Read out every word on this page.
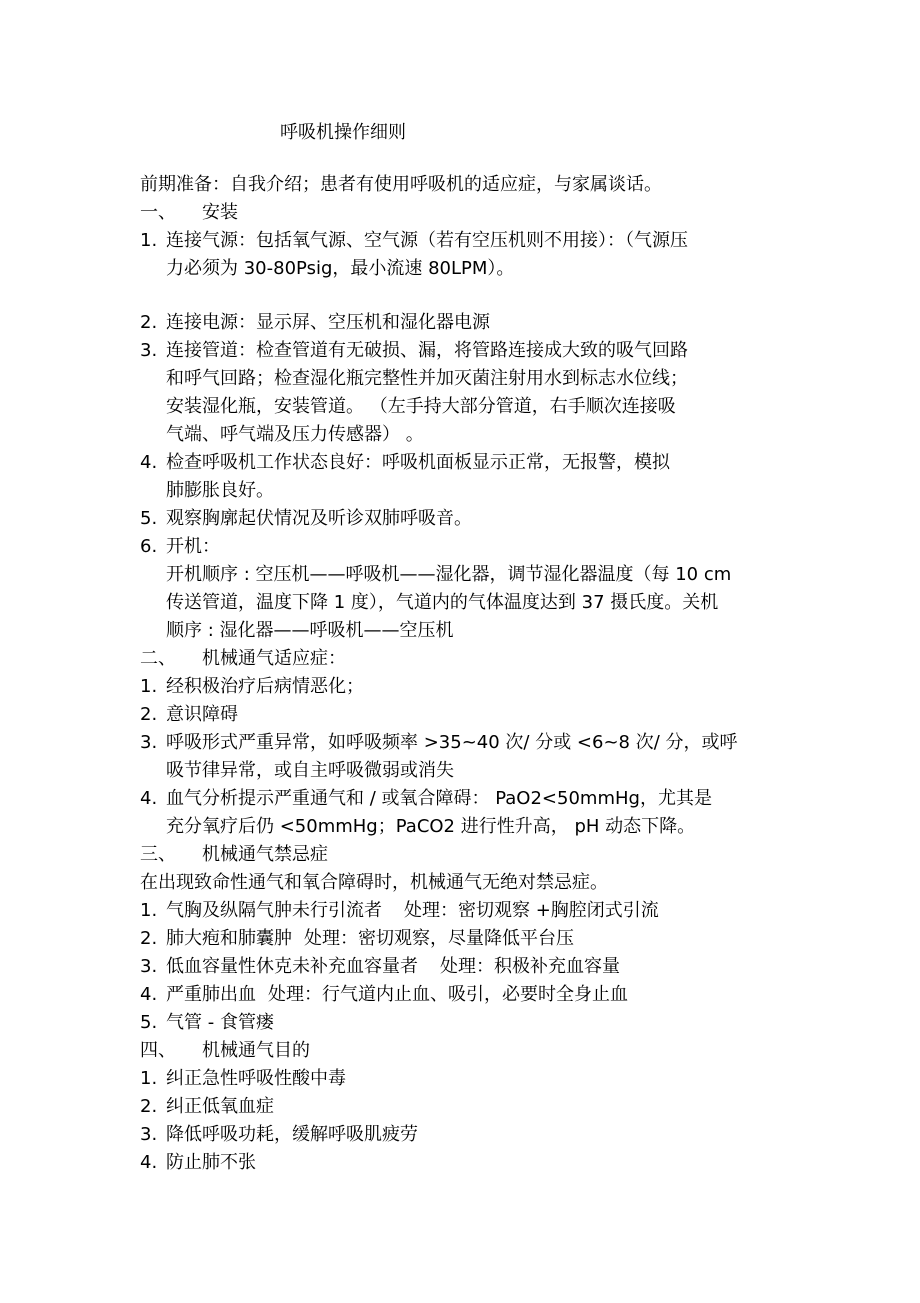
呼吸机操作细则
前期准备：自我介绍；患者有使用呼吸机的适应症，与家属谈话。
一、	安装
1. 连接气源：包括氧气源、空气源（若有空压机则不用接）：（气源压
力必须为 30-80Psig，最小流速 80LPM）。
2. 连接电源：显示屏、空压机和湿化器电源
3. 连接管道：检查管道有无破损、漏，将管路连接成大致的吸气回路
和呼气回路；检查湿化瓶完整性并加灭菌注射用水到标志水位线；
安装湿化瓶，安装管道。 （左手持大部分管道，右手顺次连接吸
气端、呼气端及压力传感器） 。
4. 检查呼吸机工作状态良好：呼吸机面板显示正常，无报警，模拟
肺膨胀良好。
5. 观察胸廓起伏情况及听诊双肺呼吸音。
6. 开机：
开机顺序 : 空压机——呼吸机——湿化器，调节湿化器温度（每 10 cm
传送管道，温度下降 1 度），气道内的气体温度达到 37 摄氏度。关机
顺序 : 湿化器——呼吸机——空压机
二、	机械通气适应症：
1. 经积极治疗后病情恶化；
2. 意识障碍
3. 呼吸形式严重异常，如呼吸频率 >35~40 次/ 分或 <6~8 次/ 分，或呼
吸节律异常，或自主呼吸微弱或消失
4. 血气分析提示严重通气和 / 或氧合障碍： PaO2<50mmHg，尤其是
充分氧疗后仍 <50mmHg；PaCO2 进行性升高， pH 动态下降。
三、	机械通气禁忌症
在出现致命性通气和氧合障碍时，机械通气无绝对禁忌症。
1. 气胸及纵隔气肿未行引流者 处理：密切观察 +胸腔闭式引流
2. 肺大疱和肺囊肿 处理：密切观察，尽量降低平台压
3. 低血容量性休克未补充血容量者 处理：积极补充血容量
4. 严重肺出血 处理：行气道内止血、吸引，必要时全身止血
5. 气管 - 食管瘘
四、	机械通气目的
1. 纠正急性呼吸性酸中毒
2. 纠正低氧血症
3. 降低呼吸功耗，缓解呼吸肌疲劳
4. 防止肺不张
